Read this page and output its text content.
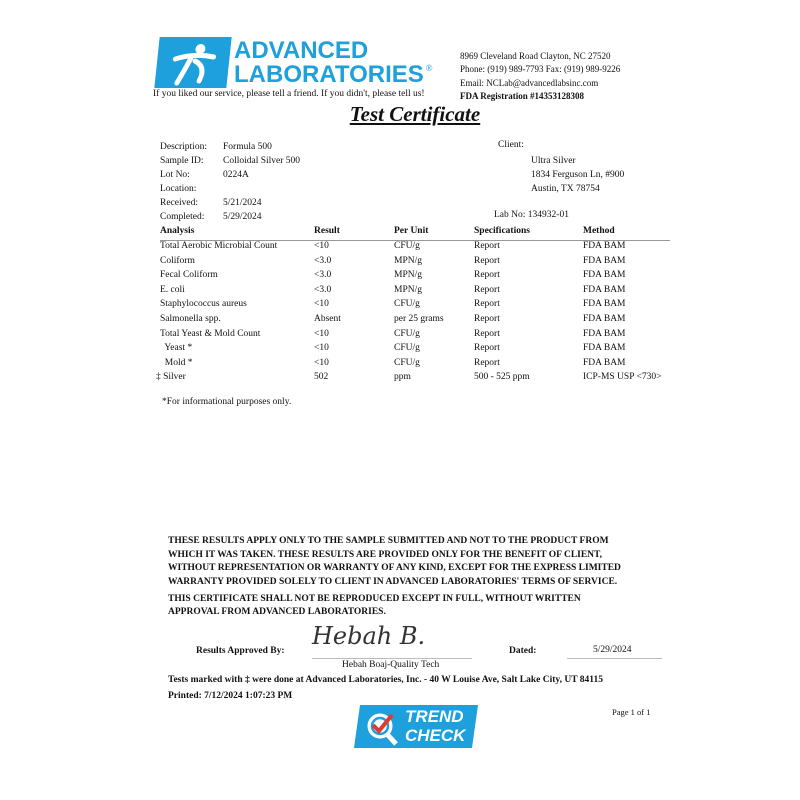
ADVANCED
LABORATORIES ®
If you liked our service, please tell a friend. If you didn't, please tell us!
8969 Cleveland Road Clayton, NC 27520
Phone: (919) 989-7793 Fax: (919) 989-9226
Email: NCLab@advancedlabsinc.com
FDA Registration #14353128308
Test Certificate
Description: Formula 500
Sample ID: Colloidal Silver 500
Lot No:	0224A
Location:
Received:	5/21/2024
Completed: 5/29/2024
Client:
Ultra Silver
1834 Ferguson Ln, #900
Austin, TX 78754
Lab No: 134932-01
Analysis	Result	Per Unit	Specifications	Method
Total Aerobic Microbial Count	<10	CFU/g	Report	FDA BAM
Coliform	<3.0	MPN/g	Report	FDA BAM
Fecal Coliform	<3.0	MPN/g	Report	FDA BAM
E. coli	<3.0	MPN/g	Report	FDA BAM
Staphylococcus aureus	<10	CFU/g	Report	FDA BAM
Salmonella spp.	Absent	per 25 grams	Report	FDA BAM
Total Yeast & Mold Count	<10	CFU/g	Report	FDA BAM
Yeast *	<10	CFU/g	Report	FDA BAM
Mold *	<10	CFU/g	Report	FDA BAM
‡ Silver	502	ppm	500 - 525 ppm	ICP-MS USP <730>
*For informational purposes only.
THESE RESULTS APPLY ONLY TO THE SAMPLE SUBMITTED AND NOT TO THE PRODUCT FROM
WHICH IT WAS TAKEN. THESE RESULTS ARE PROVIDED ONLY FOR THE BENEFIT OF CLIENT,
WITHOUT REPRESENTATION OR WARRANTY OF ANY KIND, EXCEPT FOR THE EXPRESS LIMITED
WARRANTY PROVIDED SOLELY TO CLIENT IN ADVANCED LABORATORIES' TERMS OF SERVICE.
THIS CERTIFICATE SHALL NOT BE REPRODUCED EXCEPT IN FULL, WITHOUT WRITTEN
APPROVAL FROM ADVANCED LABORATORIES.
Results Approved By:
Hebah B.
Hebah Boaj-Quality Tech
Dated:	5/29/2024
Tests marked with ‡ were done at Advanced Laboratories, Inc. - 40 W Louise Ave, Salt Lake City, UT 84115
Printed: 7/12/2024 1:07:23 PM
Page 1 of 1
TREND
CHECK
